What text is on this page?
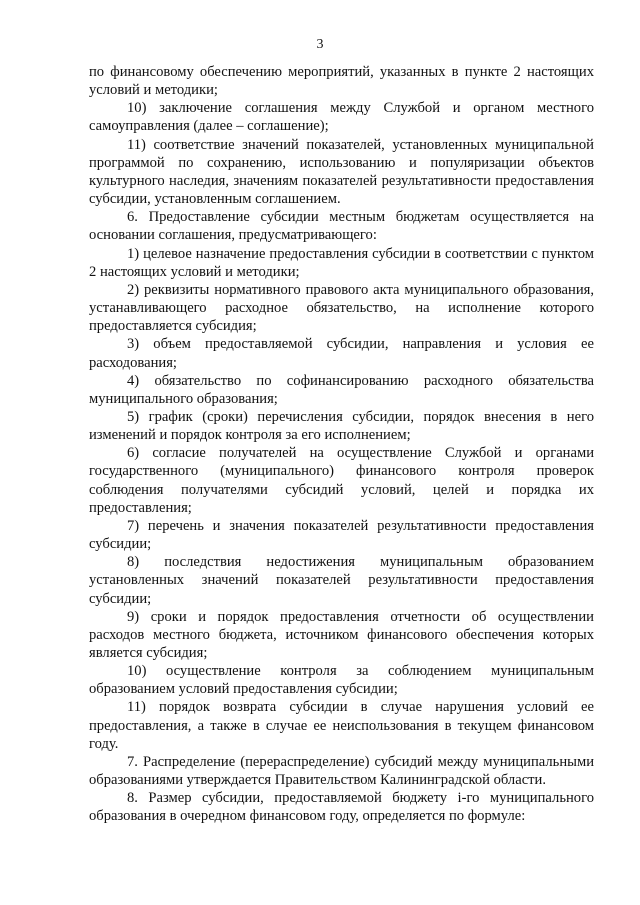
3

по финансовому обеспечению мероприятий, указанных в пункте 2 настоящих условий и методики;

10) заключение соглашения между Службой и органом местного самоуправления (далее – соглашение);

11) соответствие значений показателей, установленных муниципальной программой по сохранению, использованию и популяризации объектов культурного наследия, значениям показателей результативности предоставления субсидии, установленным соглашением.

6. Предоставление субсидии местным бюджетам осуществляется на основании соглашения, предусматривающего:

1) целевое назначение предоставления субсидии в соответствии с пунктом 2 настоящих условий и методики;

2) реквизиты нормативного правового акта муниципального образования, устанавливающего расходное обязательство, на исполнение которого предоставляется субсидия;

3) объем предоставляемой субсидии, направления и условия ее расходования;

4) обязательство по софинансированию расходного обязательства муниципального образования;

5) график (сроки) перечисления субсидии, порядок внесения в него изменений и порядок контроля за его исполнением;

6) согласие получателей на осуществление Службой и органами государственного (муниципального) финансового контроля проверок соблюдения получателями субсидий условий, целей и порядка их предоставления;

7) перечень и значения показателей результативности предоставления субсидии;

8) последствия недостижения муниципальным образованием установленных значений показателей результативности предоставления субсидии;

9) сроки и порядок предоставления отчетности об осуществлении расходов местного бюджета, источником финансового обеспечения которых является субсидия;

10) осуществление контроля за соблюдением муниципальным образованием условий предоставления субсидии;

11) порядок возврата субсидии в случае нарушения условий ее предоставления, а также в случае ее неиспользования в текущем финансовом году.

7. Распределение (перераспределение) субсидий между муниципальными образованиями утверждается Правительством Калининградской области.

8. Размер субсидии, предоставляемой бюджету i-го муниципального образования в очередном финансовом году, определяется по формуле:
